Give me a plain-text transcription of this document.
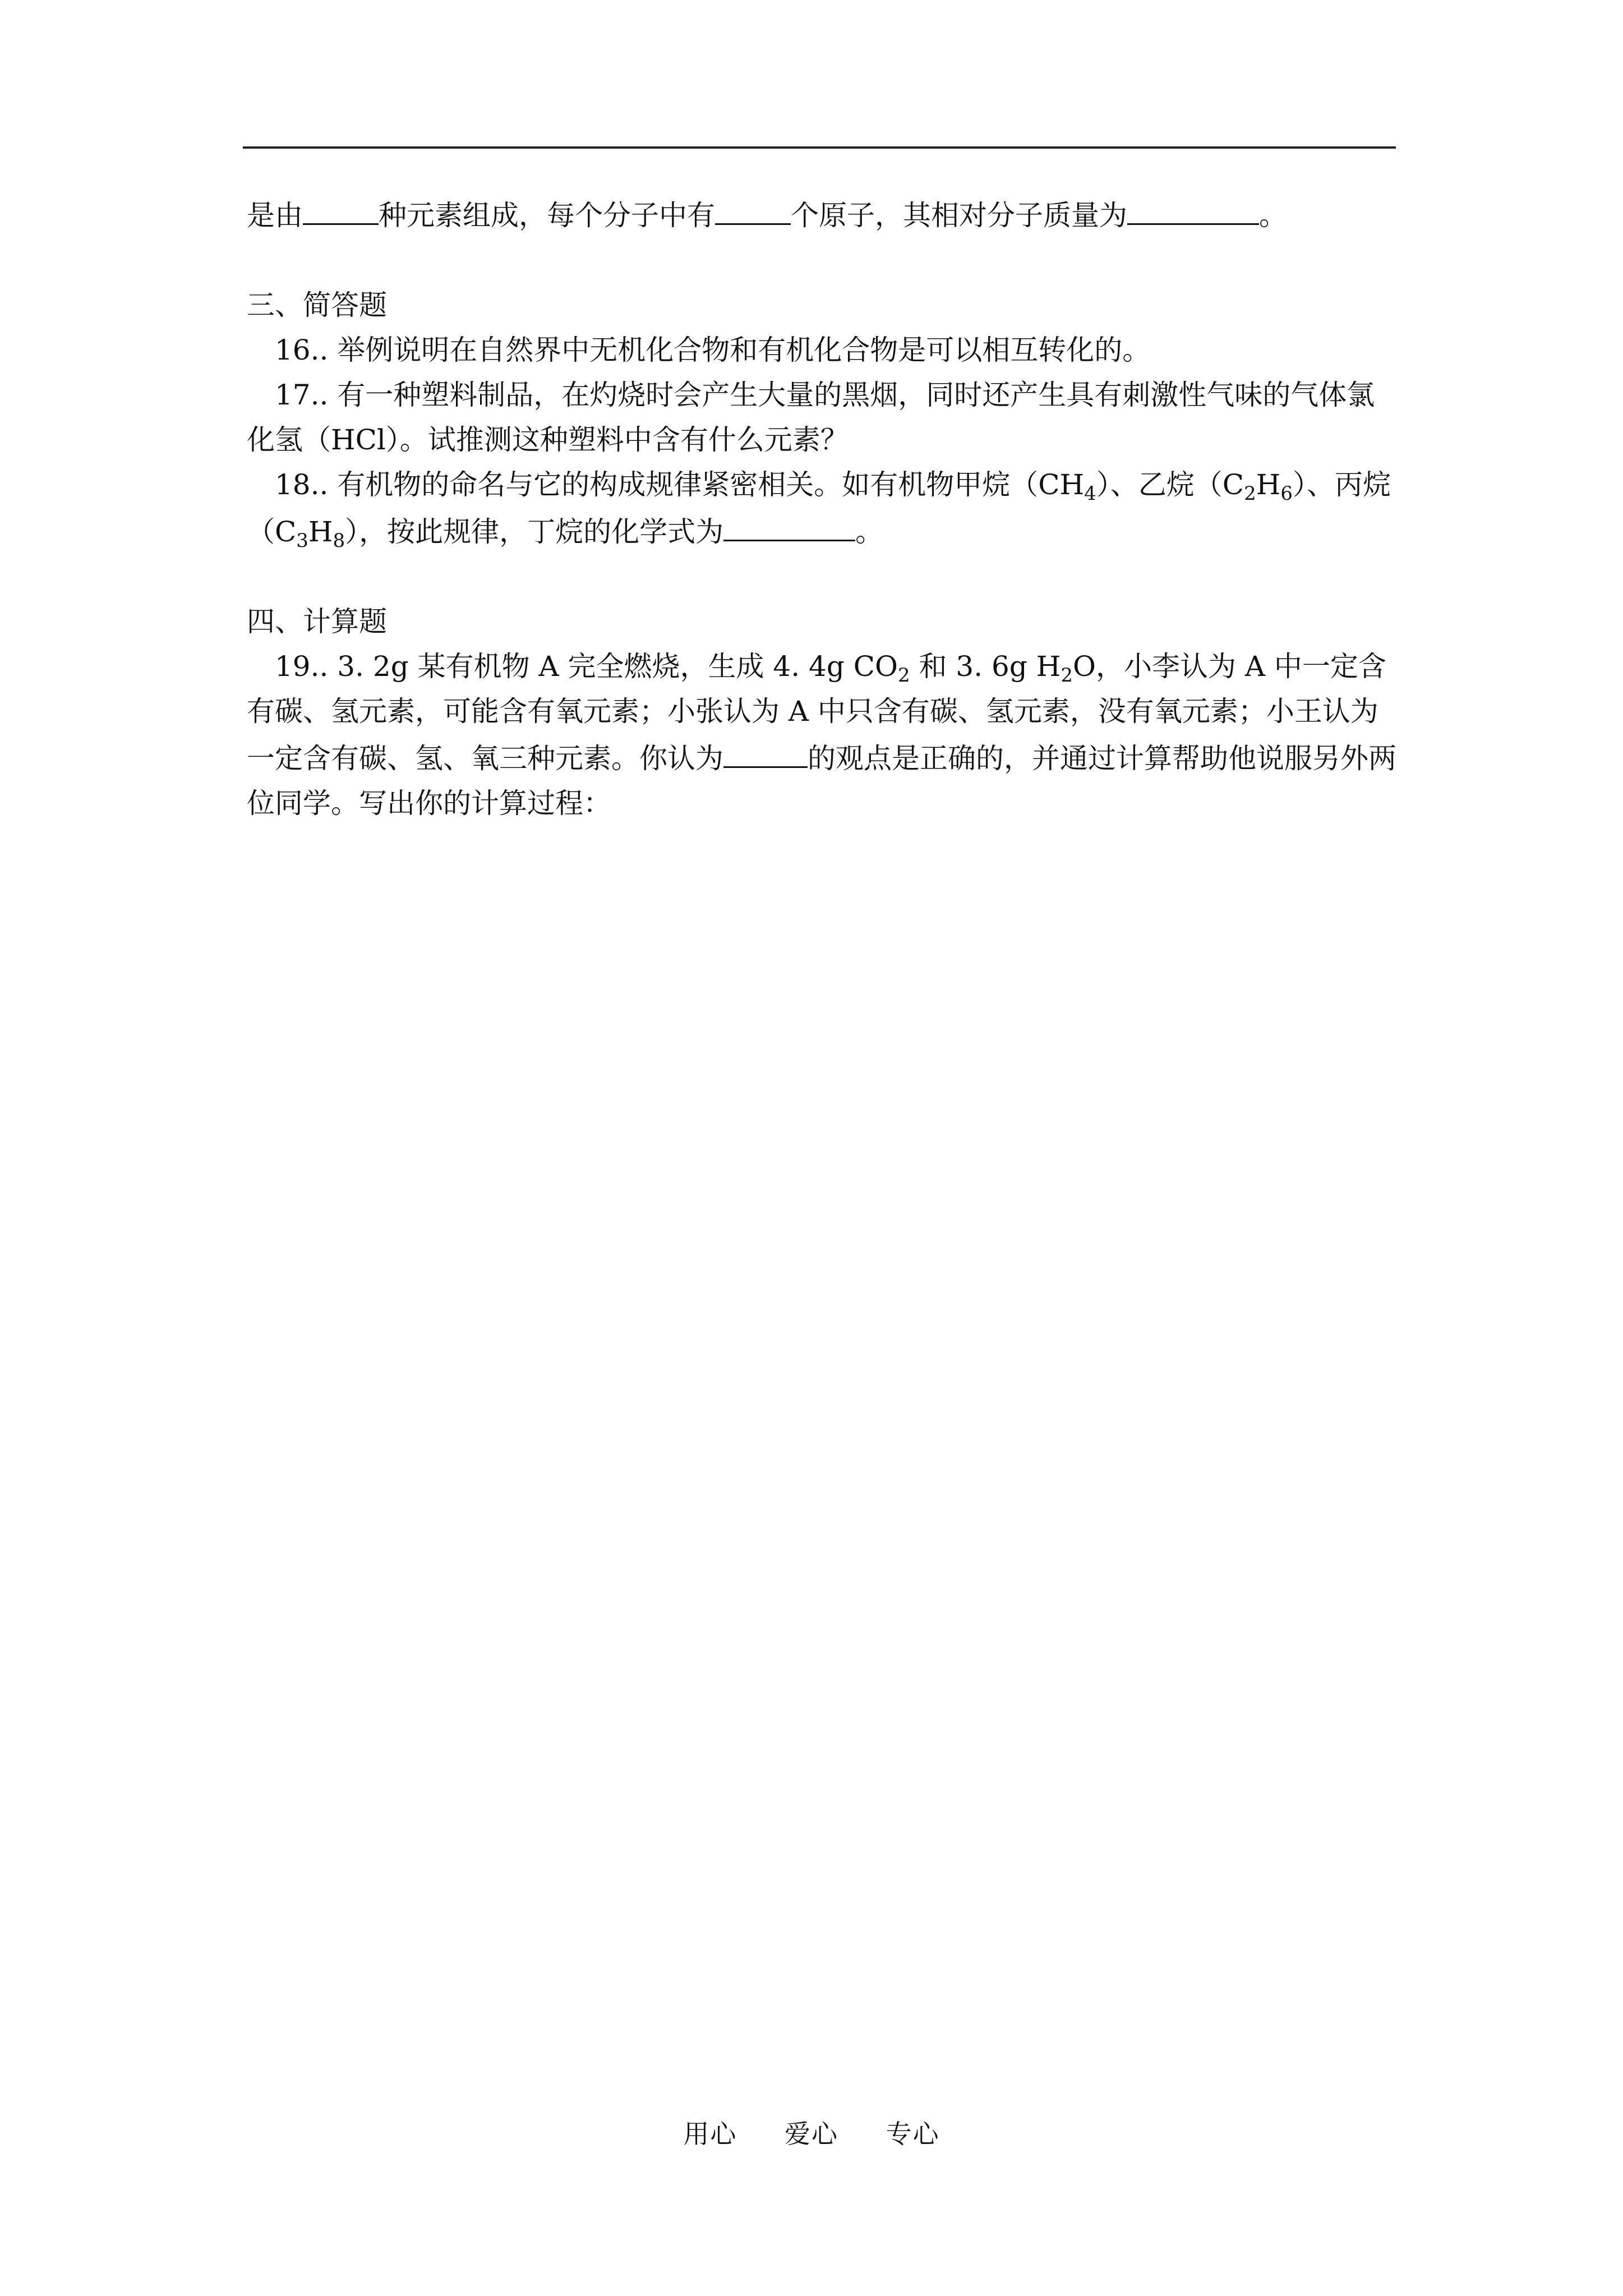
是由	种元素组成，每个分子中有	个原子，其相对分子质量为	。

三、简答题

16.. 举例说明在自然界中无机化合物和有机化合物是可以相互转化的。

17.. 有一种塑料制品，在灼烧时会产生大量的黑烟，同时还产生具有刺激性气味的气体氯化氢（HCl）。试推测这种塑料中含有什么元素？

18.. 有机物的命名与它的构成规律紧密相关。如有机物甲烷$(CH_4)$、乙烷$(C_2H_6)$、丙烷$(C_3H_8)$，按此规律，丁烷的化学式为	。

四、计算题

19.. 3. 2g 某有机物 A 完全燃烧，生成 4. 4g $CO_2$ 和 3. 6g $H_2O$，小李认为 A 中一定含有碳、氢元素，可能含有氧元素；小张认为 A 中只含有碳、氢元素，没有氧元素；小王认为一定含有碳、氢、氧三种元素。你认为	的观点是正确的，并通过计算帮助他说服另外两位同学。写出你的计算过程：

用心 爱心 专心
